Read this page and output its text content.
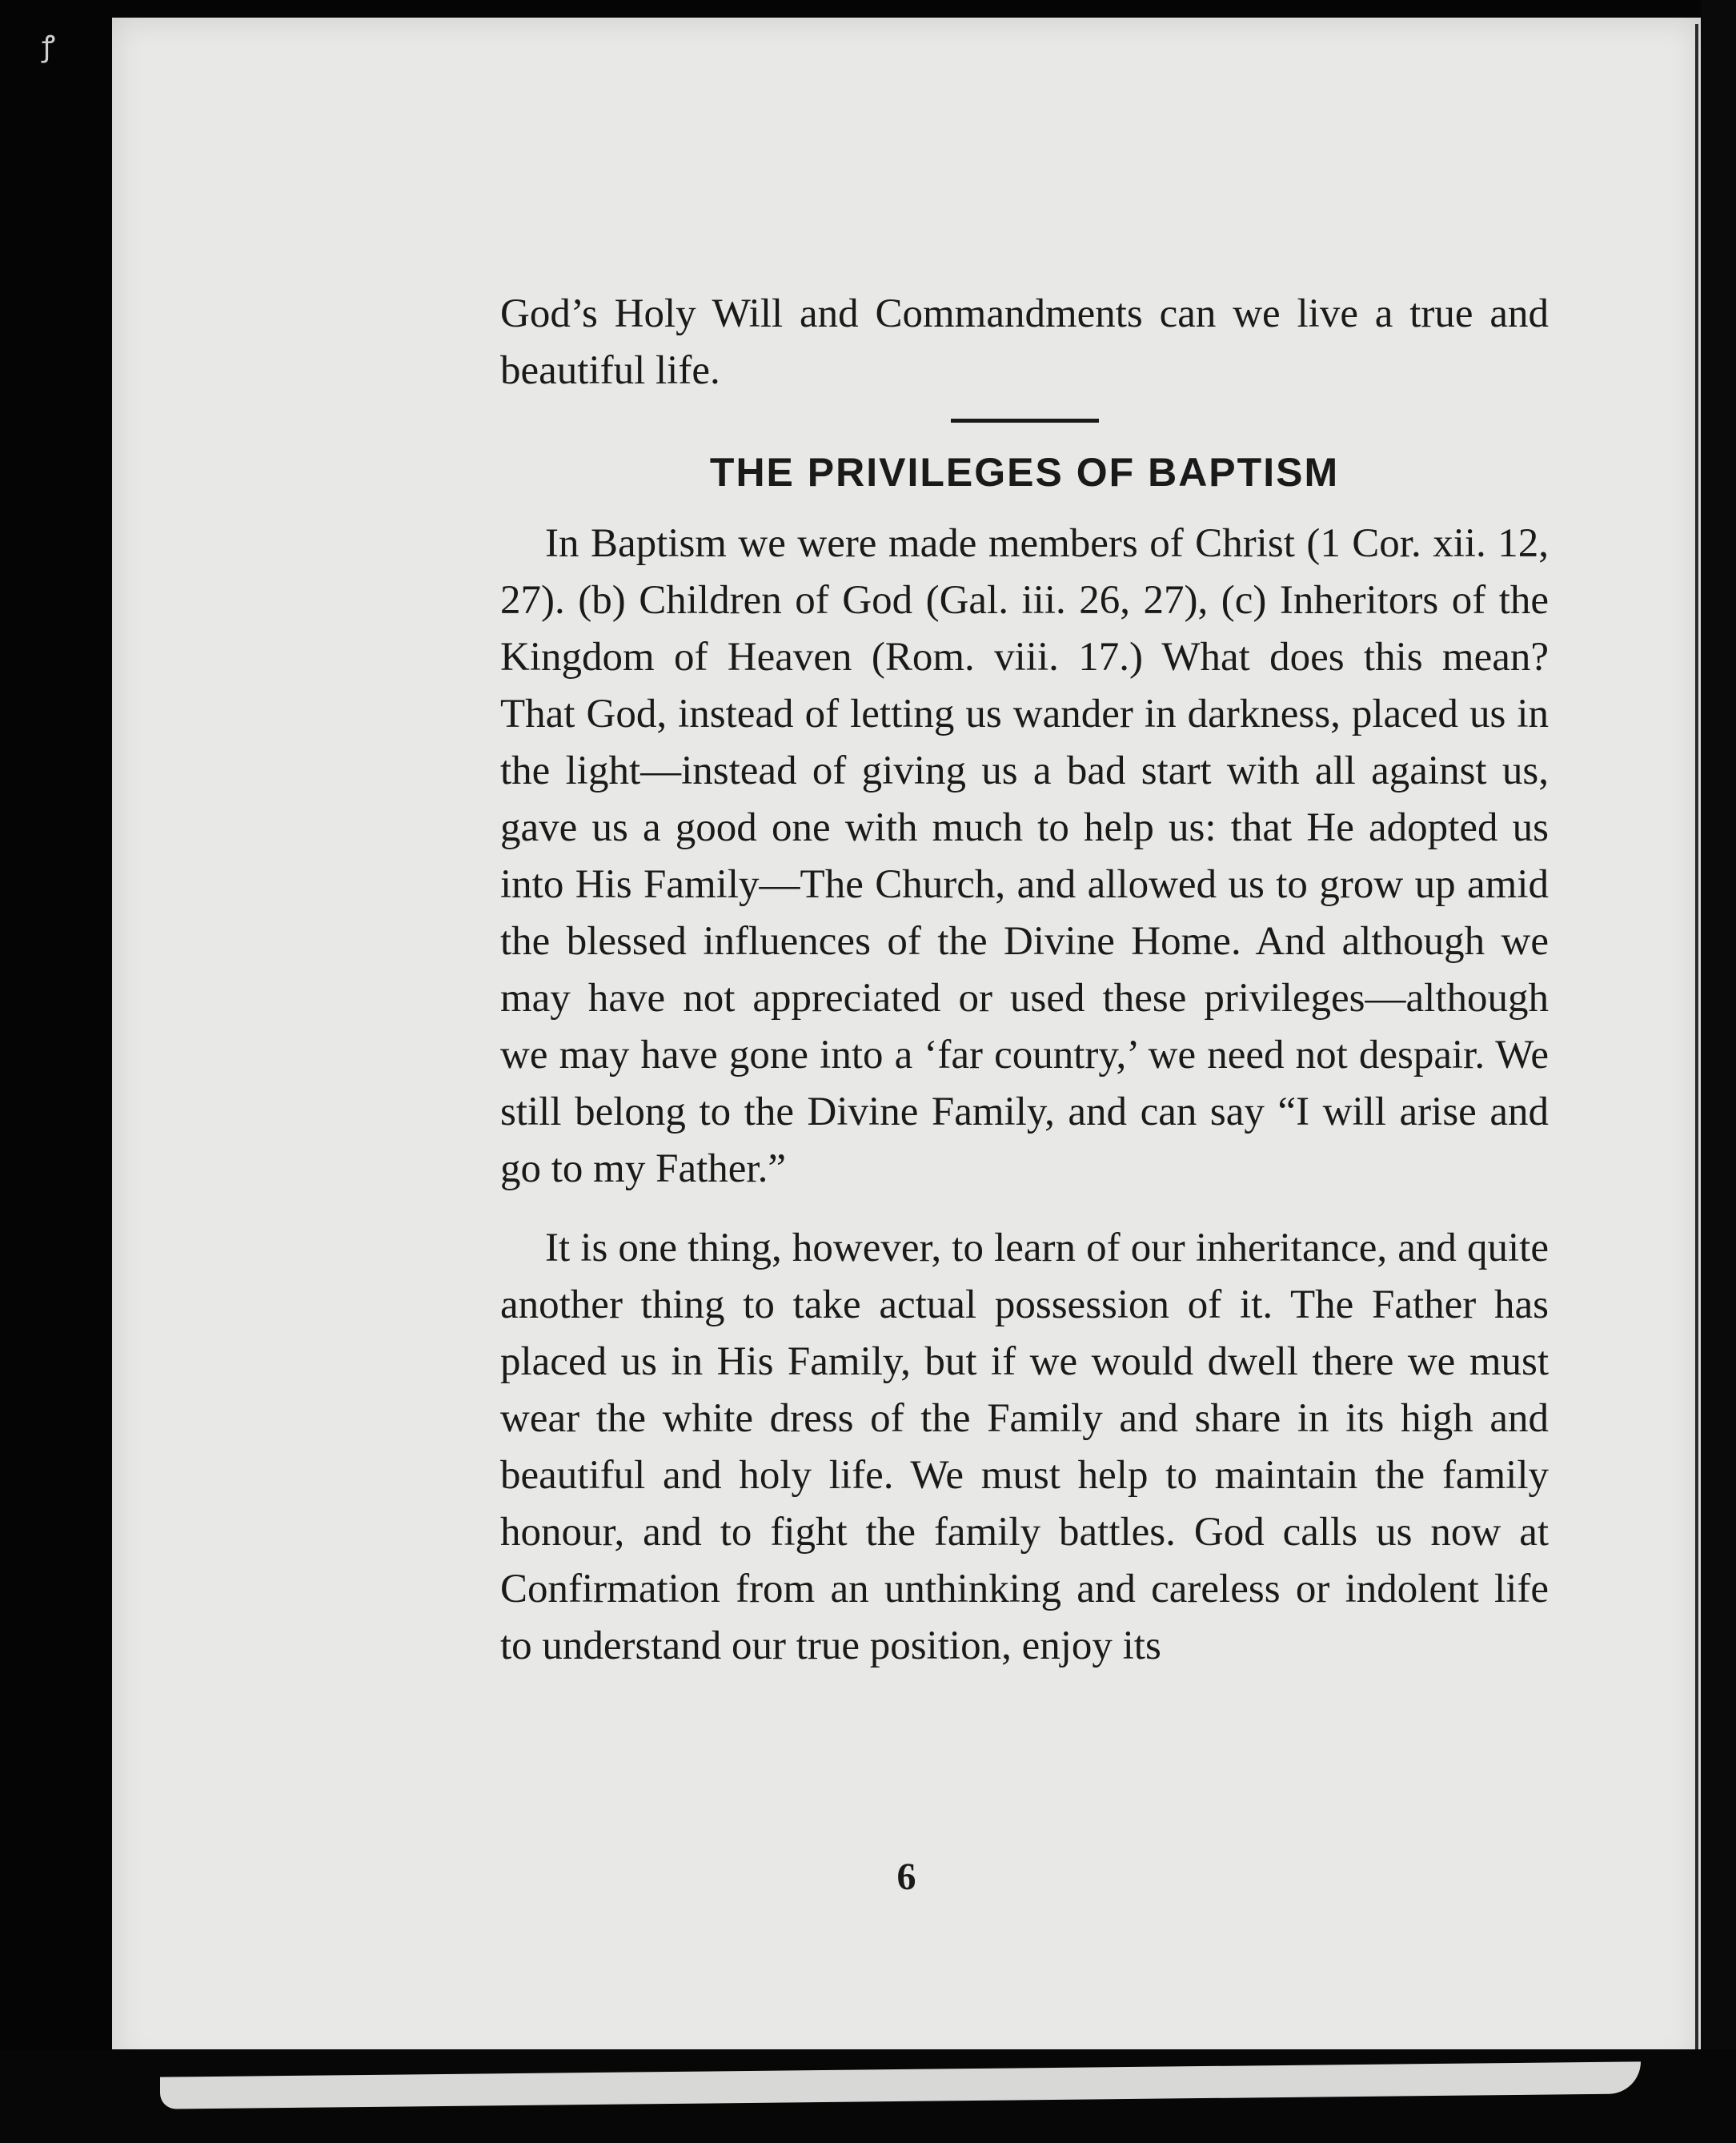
God’s Holy Will and Commandments can we live a true and beautiful life.

THE PRIVILEGES OF BAPTISM

In Baptism we were made members of Christ (1 Cor. xii. 12, 27). (b) Children of God (Gal. iii. 26, 27), (c) Inheritors of the Kingdom of Heaven (Rom. viii. 17.) What does this mean? That God, instead of letting us wander in darkness, placed us in the light—instead of giving us a bad start with all against us, gave us a good one with much to help us: that He adopted us into His Family—The Church, and allowed us to grow up amid the blessed influences of the Divine Home. And although we may have not appreciated or used these privileges—although we may have gone into a ‘far country,’ we need not despair. We still belong to the Divine Family, and can say “I will arise and go to my Father.”

It is one thing, however, to learn of our inheritance, and quite another thing to take actual possession of it. The Father has placed us in His Family, but if we would dwell there we must wear the white dress of the Family and share in its high and beautiful and holy life. We must help to maintain the family honour, and to fight the family battles. God calls us now at Confirmation from an unthinking and careless or indolent life to understand our true position, enjoy its

6
ꝭ
